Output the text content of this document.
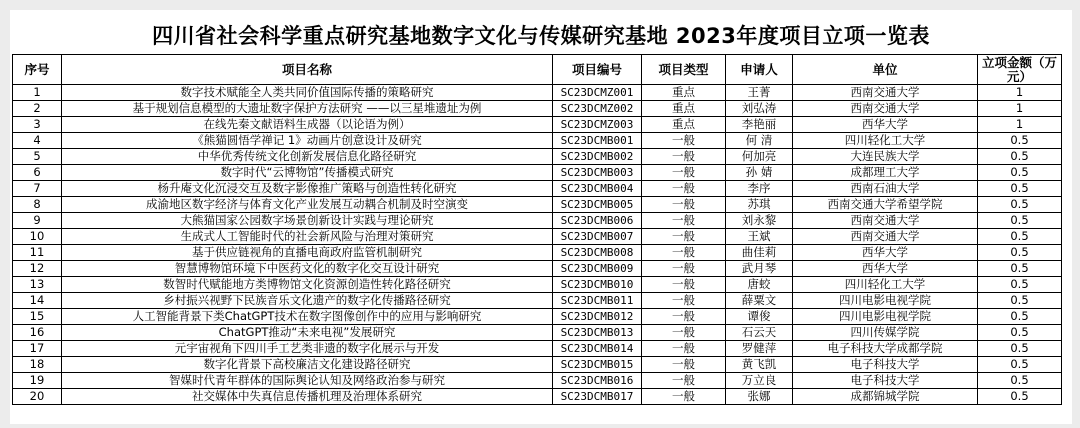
四川省社会科学重点研究基地数字文化与传媒研究基地 2023年度项目立项一览表
序号	项目名称	项目编号	项目类型	申请人	单位	立项金额（万元）
1	数字技术赋能全人类共同价值国际传播的策略研究	SC23DCMZ001	重点	王菁	西南交通大学	1
2	基于规划信息模型的大遗址数字保护方法研究 ——以三星堆遗址为例	SC23DCMZ002	重点	刘弘涛	西南交通大学	1
3	在线先秦文献语料生成器（以论语为例）	SC23DCMZ003	重点	李艳丽	西华大学	1
4	《熊猫圆悟学禅记 1》动画片创意设计及研究	SC23DCMB001	一般	何 清	四川轻化工大学	0.5
5	中华优秀传统文化创新发展信息化路径研究	SC23DCMB002	一般	何加亮	大连民族大学	0.5
6	数字时代“云博物馆”传播模式研究	SC23DCMB003	一般	孙 婧	成都理工大学	0.5
7	杨升庵文化沉浸交互及数字影像推广策略与创造性转化研究	SC23DCMB004	一般	李序	西南石油大学	0.5
8	成渝地区数字经济与体育文化产业发展互动耦合机制及时空演变	SC23DCMB005	一般	苏琪	西南交通大学希望学院	0.5
9	大熊猫国家公园数字场景创新设计实践与理论研究	SC23DCMB006	一般	刘永黎	西南交通大学	0.5
10	生成式人工智能时代的社会新风险与治理对策研究	SC23DCMB007	一般	王斌	西南交通大学	0.5
11	基于供应链视角的直播电商政府监管机制研究	SC23DCMB008	一般	曲佳莉	西华大学	0.5
12	智慧博物馆环境下中医药文化的数字化交互设计研究	SC23DCMB009	一般	武月琴	西华大学	0.5
13	数智时代赋能地方类博物馆文化资源创造性转化路径研究	SC23DCMB010	一般	唐蛟	四川轻化工大学	0.5
14	乡村振兴视野下民族音乐文化遗产的数字化传播路径研究	SC23DCMB011	一般	薛粟文	四川电影电视学院	0.5
15	人工智能背景下类ChatGPT技术在数字图像创作中的应用与影响研究	SC23DCMB012	一般	谭俊	四川电影电视学院	0.5
16	ChatGPT推动“未来电视”发展研究	SC23DCMB013	一般	石云天	四川传媒学院	0.5
17	元宇宙视角下四川手工艺类非遗的数字化展示与开发	SC23DCMB014	一般	罗健萍	电子科技大学成都学院	0.5
18	数字化背景下高校廉洁文化建设路径研究	SC23DCMB015	一般	黄飞凯	电子科技大学	0.5
19	智媒时代青年群体的国际舆论认知及网络政治参与研究	SC23DCMB016	一般	万立良	电子科技大学	0.5
20	社交媒体中失真信息传播机理及治理体系研究	SC23DCMB017	一般	张娜	成都锦城学院	0.5
